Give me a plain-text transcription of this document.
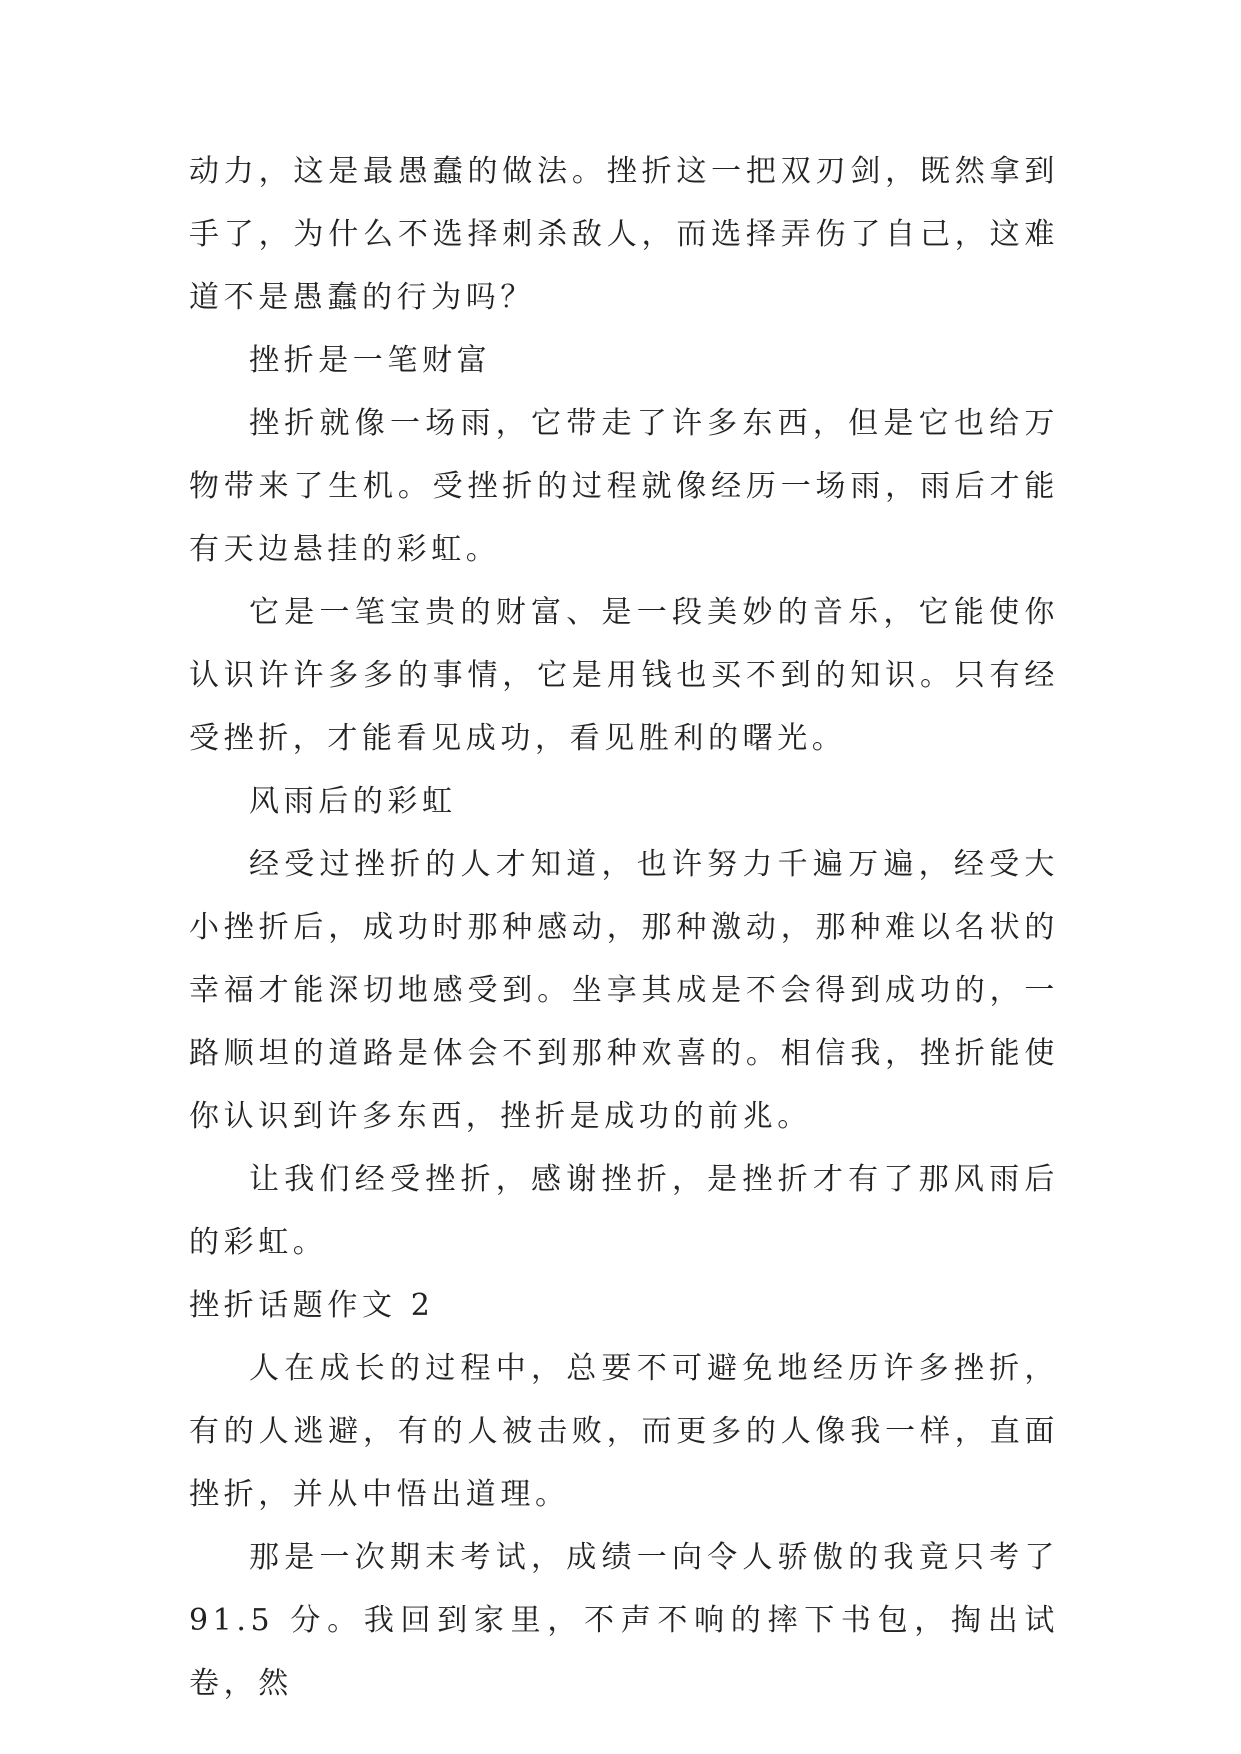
动力，这是最愚蠢的做法。挫折这一把双刃剑，既然拿到手了，为什么不选择刺杀敌人，而选择弄伤了自己，这难道不是愚蠢的行为吗？

挫折是一笔财富

挫折就像一场雨，它带走了许多东西，但是它也给万物带来了生机。受挫折的过程就像经历一场雨，雨后才能有天边悬挂的彩虹。

它是一笔宝贵的财富、是一段美妙的音乐，它能使你认识许许多多的事情，它是用钱也买不到的知识。只有经受挫折，才能看见成功，看见胜利的曙光。

风雨后的彩虹

经受过挫折的人才知道，也许努力千遍万遍，经受大小挫折后，成功时那种感动，那种激动，那种难以名状的幸福才能深切地感受到。坐享其成是不会得到成功的，一路顺坦的道路是体会不到那种欢喜的。相信我，挫折能使你认识到许多东西，挫折是成功的前兆。

让我们经受挫折，感谢挫折，是挫折才有了那风雨后的彩虹。

挫折话题作文 2

人在成长的过程中，总要不可避免地经历许多挫折，有的人逃避，有的人被击败，而更多的人像我一样，直面挫折，并从中悟出道理。

那是一次期末考试，成绩一向令人骄傲的我竟只考了 91.5 分。我回到家里，不声不响的摔下书包，掏出试卷，然
